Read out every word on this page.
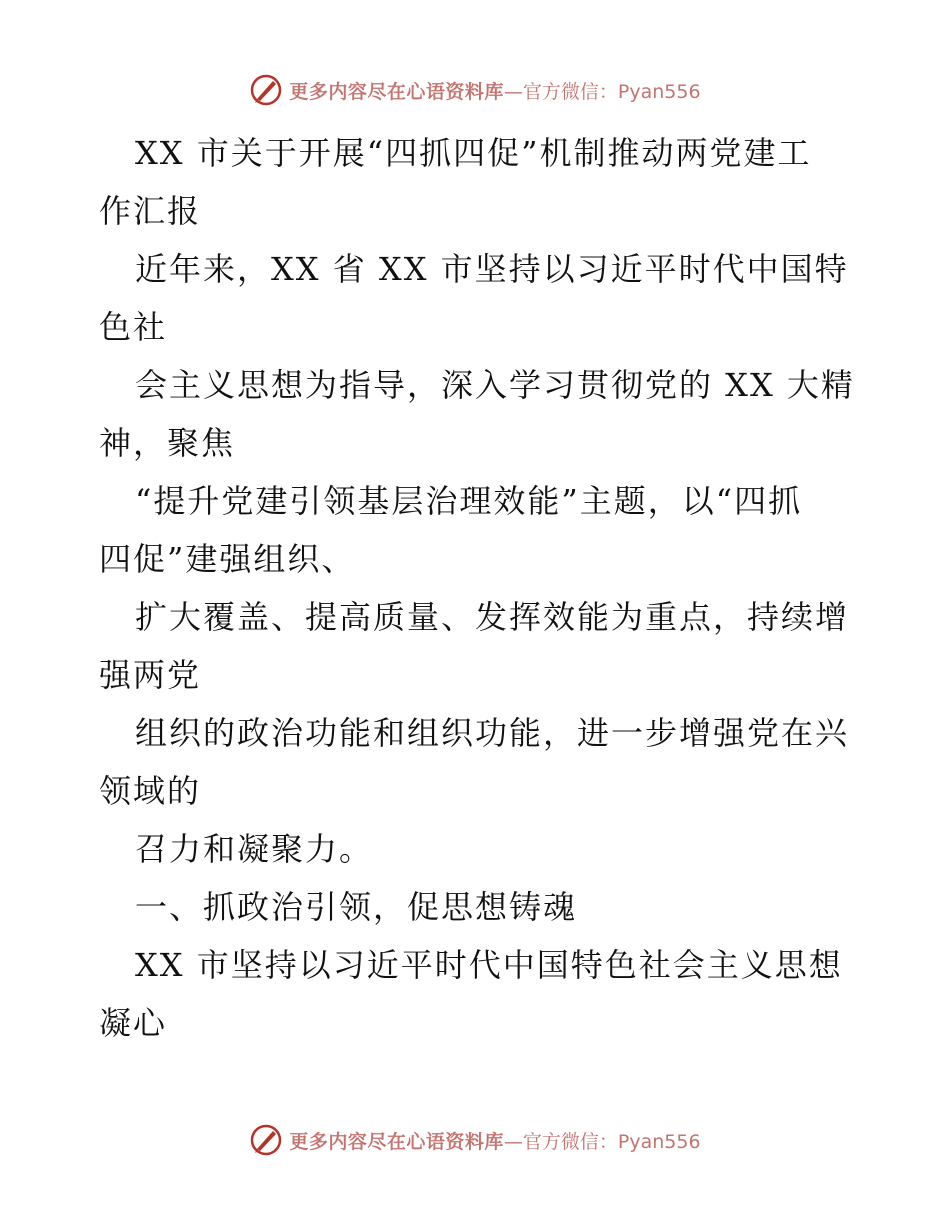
更多内容尽在心语资料库 —官方微信：Pyan556
XX 市关于开展“四抓四促”机制推动两党建工
作汇报
近年来，XX 省 XX 市坚持以习近平时代中国特
色社
会主义思想为指导，深入学习贯彻党的 XX 大精
神，聚焦
“提升党建引领基层治理效能”主题，以“四抓
四促”建强组织、
扩大覆盖、提高质量、发挥效能为重点，持续增
强两党
组织的政治功能和组织功能，进一步增强党在兴
领域的
召力和凝聚力。
一、抓政治引领，促思想铸魂
XX 市坚持以习近平时代中国特色社会主义思想
凝心
更多内容尽在心语资料库 —官方微信：Pyan556
